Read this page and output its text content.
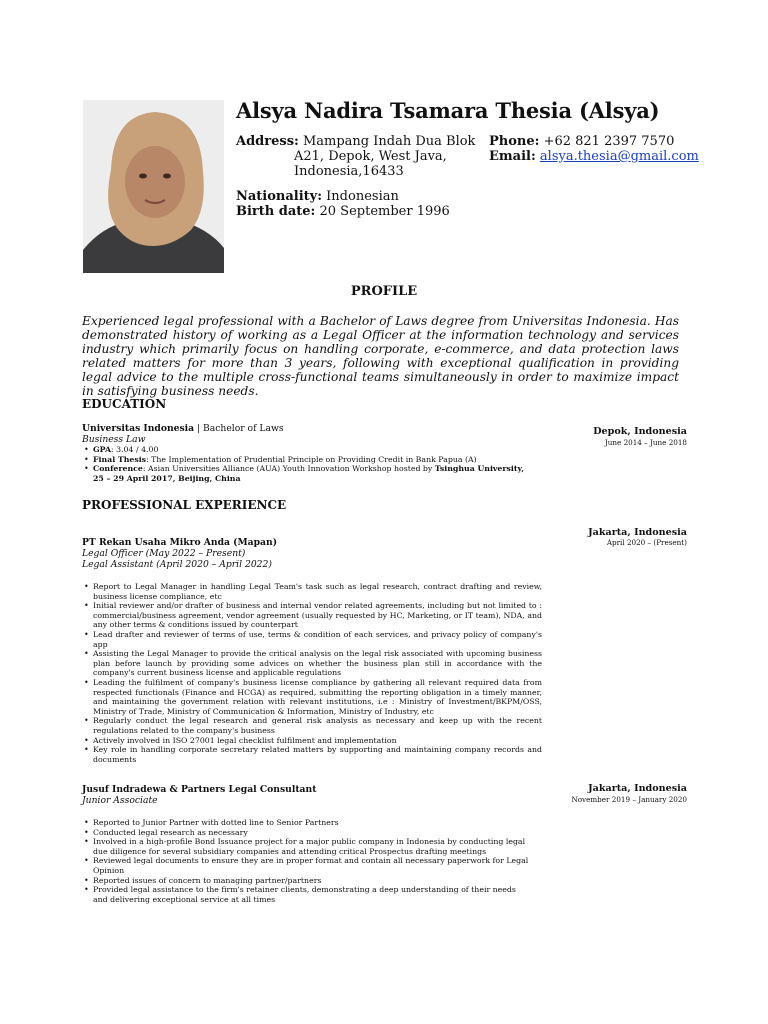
Alsya Nadira Tsamara Thesia (Alsya)
Address: Mampang Indah Dua Blok
A21, Depok, West Java,
Indonesia,16433
Phone: +62 821 2397 7570
Email: alsya.thesia@gmail.com
Nationality: Indonesian
Birth date: 20 September 1996
PROFILE
Experienced legal professional with a Bachelor of Laws degree from Universitas Indonesia. Has demonstrated history of working as a Legal Officer at the information technology and services industry which primarily focus on handling corporate, e-commerce, and data protection laws related matters for more than 3 years, following with exceptional qualification in providing legal advice to the multiple cross-functional teams simultaneously in order to maximize impact in satisfying business needs.
EDUCATION
Universitas Indonesia | Bachelor of Laws
Business Law
• GPA: 3.04 / 4.00
• Final Thesis: The Implementation of Prudential Principle on Providing Credit in Bank Papua (A)
• Conference: Asian Universities Alliance (AUA) Youth Innovation Workshop hosted by Tsinghua University,
25 – 29 April 2017, Beijing, China
Depok, Indonesia
June 2014 – June 2018
PROFESSIONAL EXPERIENCE
Jakarta, Indonesia
April 2020 – (Present)
PT Rekan Usaha Mikro Anda (Mapan)
Legal Officer (May 2022 – Present)
Legal Assistant (April 2020 – April 2022)
• Report to Legal Manager in handling Legal Team's task such as legal research, contract drafting and review, business license compliance, etc
• Initial reviewer and/or drafter of business and internal vendor related agreements, including but not limited to : commercial/business agreement, vendor agreement (usually requested by HC, Marketing, or IT team), NDA, and any other terms & conditions issued by counterpart
• Lead drafter and reviewer of terms of use, terms & condition of each services, and privacy policy of company's app
• Assisting the Legal Manager to provide the critical analysis on the legal risk associated with upcoming business plan before launch by providing some advices on whether the business plan still in accordance with the company's current business license and applicable regulations
• Leading the fulfilment of company's business license compliance by gathering all relevant required data from respected functionals (Finance and HCGA) as required, submitting the reporting obligation in a timely manner, and maintaining the government relation with relevant institutions, i.e : Ministry of Investment/BKPM/OSS, Ministry of Trade, Ministry of Communication & Information, Ministry of Industry, etc
• Regularly conduct the legal research and general risk analysis as necessary and keep up with the recent regulations related to the company's business
• Actively involved in ISO 27001 legal checklist fulfilment and implementation
• Key role in handling corporate secretary related matters by supporting and maintaining company records and documents
Jakarta, Indonesia
November 2019 – January 2020
Jusuf Indradewa & Partners Legal Consultant
Junior Associate
• Reported to Junior Partner with dotted line to Senior Partners
• Conducted legal research as necessary
• Involved in a high-profile Bond Issuance project for a major public company in Indonesia by conducting legal due diligence for several subsidiary companies and attending critical Prospectus drafting meetings
• Reviewed legal documents to ensure they are in proper format and contain all necessary paperwork for Legal Opinion
• Reported issues of concern to managing partner/partners
• Provided legal assistance to the firm's retainer clients, demonstrating a deep understanding of their needs and delivering exceptional service at all times
